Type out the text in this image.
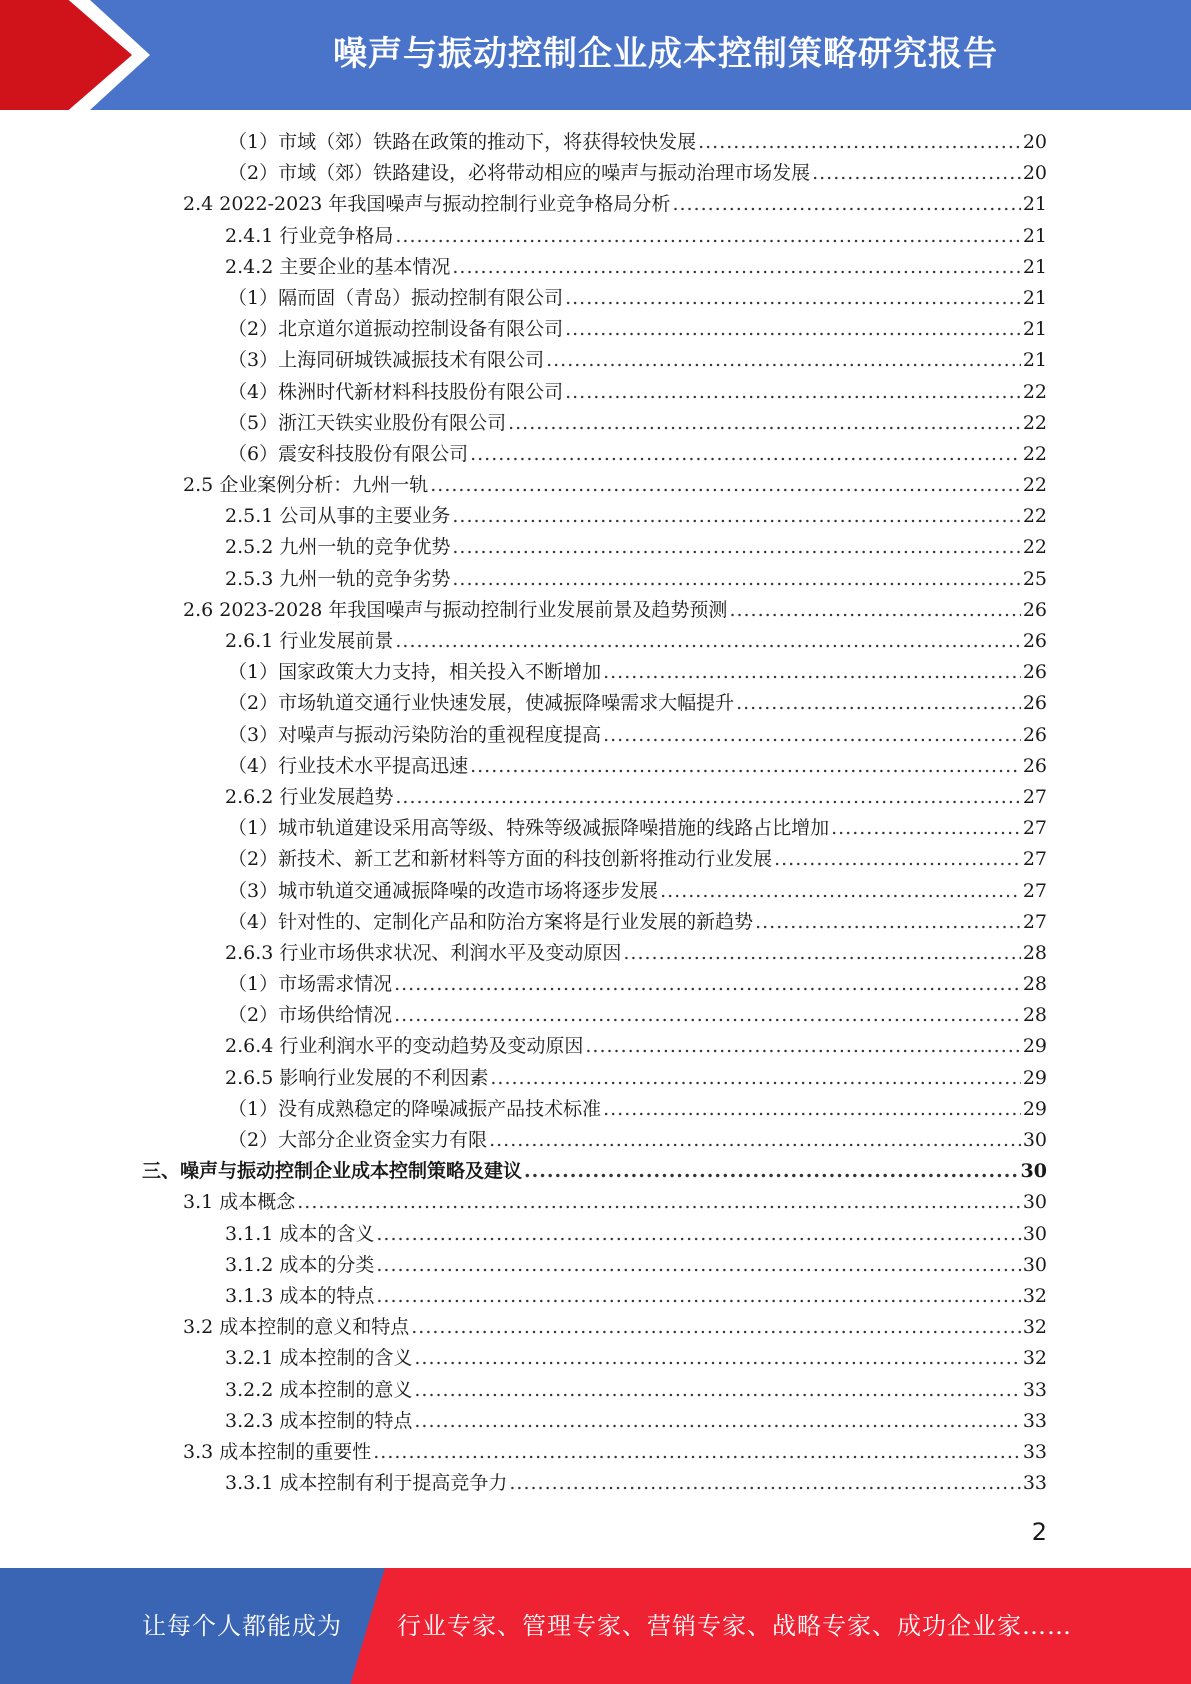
噪声与振动控制企业成本控制策略研究报告
（1）市域（郊）铁路在政策的推动下，将获得较快发展 .....	20
（2）市域（郊）铁路建设，必将带动相应的噪声与振动治理市场发展 .....	20
2.4 2022-2023 年我国噪声与振动控制行业竞争格局分析 .....	21
2.4.1 行业竞争格局 .....	21
2.4.2 主要企业的基本情况 .....	21
（1）隔而固（青岛）振动控制有限公司 .....	21
（2）北京道尔道振动控制设备有限公司 .....	21
（3）上海同研城铁减振技术有限公司 .....	21
（4）株洲时代新材料科技股份有限公司 .....	22
（5）浙江天铁实业股份有限公司 .....	22
（6）震安科技股份有限公司 .....	22
2.5 企业案例分析：九州一轨 .....	22
2.5.1 公司从事的主要业务 .....	22
2.5.2 九州一轨的竞争优势 .....	22
2.5.3 九州一轨的竞争劣势 .....	25
2.6 2023-2028 年我国噪声与振动控制行业发展前景及趋势预测 .....	26
2.6.1 行业发展前景 .....	26
（1）国家政策大力支持，相关投入不断增加 .....	26
（2）市场轨道交通行业快速发展，使减振降噪需求大幅提升 .....	26
（3）对噪声与振动污染防治的重视程度提高 .....	26
（4）行业技术水平提高迅速 .....	26
2.6.2 行业发展趋势 .....	27
（1）城市轨道建设采用高等级、特殊等级减振降噪措施的线路占比增加 .....	27
（2）新技术、新工艺和新材料等方面的科技创新将推动行业发展 .....	27
（3）城市轨道交通减振降噪的改造市场将逐步发展 .....	27
（4）针对性的、定制化产品和防治方案将是行业发展的新趋势 .....	27
2.6.3 行业市场供求状况、利润水平及变动原因 .....	28
（1）市场需求情况 .....	28
（2）市场供给情况 .....	28
2.6.4 行业利润水平的变动趋势及变动原因 .....	29
2.6.5 影响行业发展的不利因素 .....	29
（1）没有成熟稳定的降噪减振产品技术标准 .....	29
（2）大部分企业资金实力有限 .....	30
三、噪声与振动控制企业成本控制策略及建议 .....	30
3.1 成本概念 .....	30
3.1.1 成本的含义 .....	30
3.1.2 成本的分类 .....	30
3.1.3 成本的特点 .....	32
3.2 成本控制的意义和特点 .....	32
3.2.1 成本控制的含义 .....	32
3.2.2 成本控制的意义 .....	33
3.2.3 成本控制的特点 .....	33
3.3 成本控制的重要性 .....	33
3.3.1 成本控制有利于提高竞争力 .....	33
2
让每个人都能成为 行业专家、管理专家、营销专家、战略专家、成功企业家……
